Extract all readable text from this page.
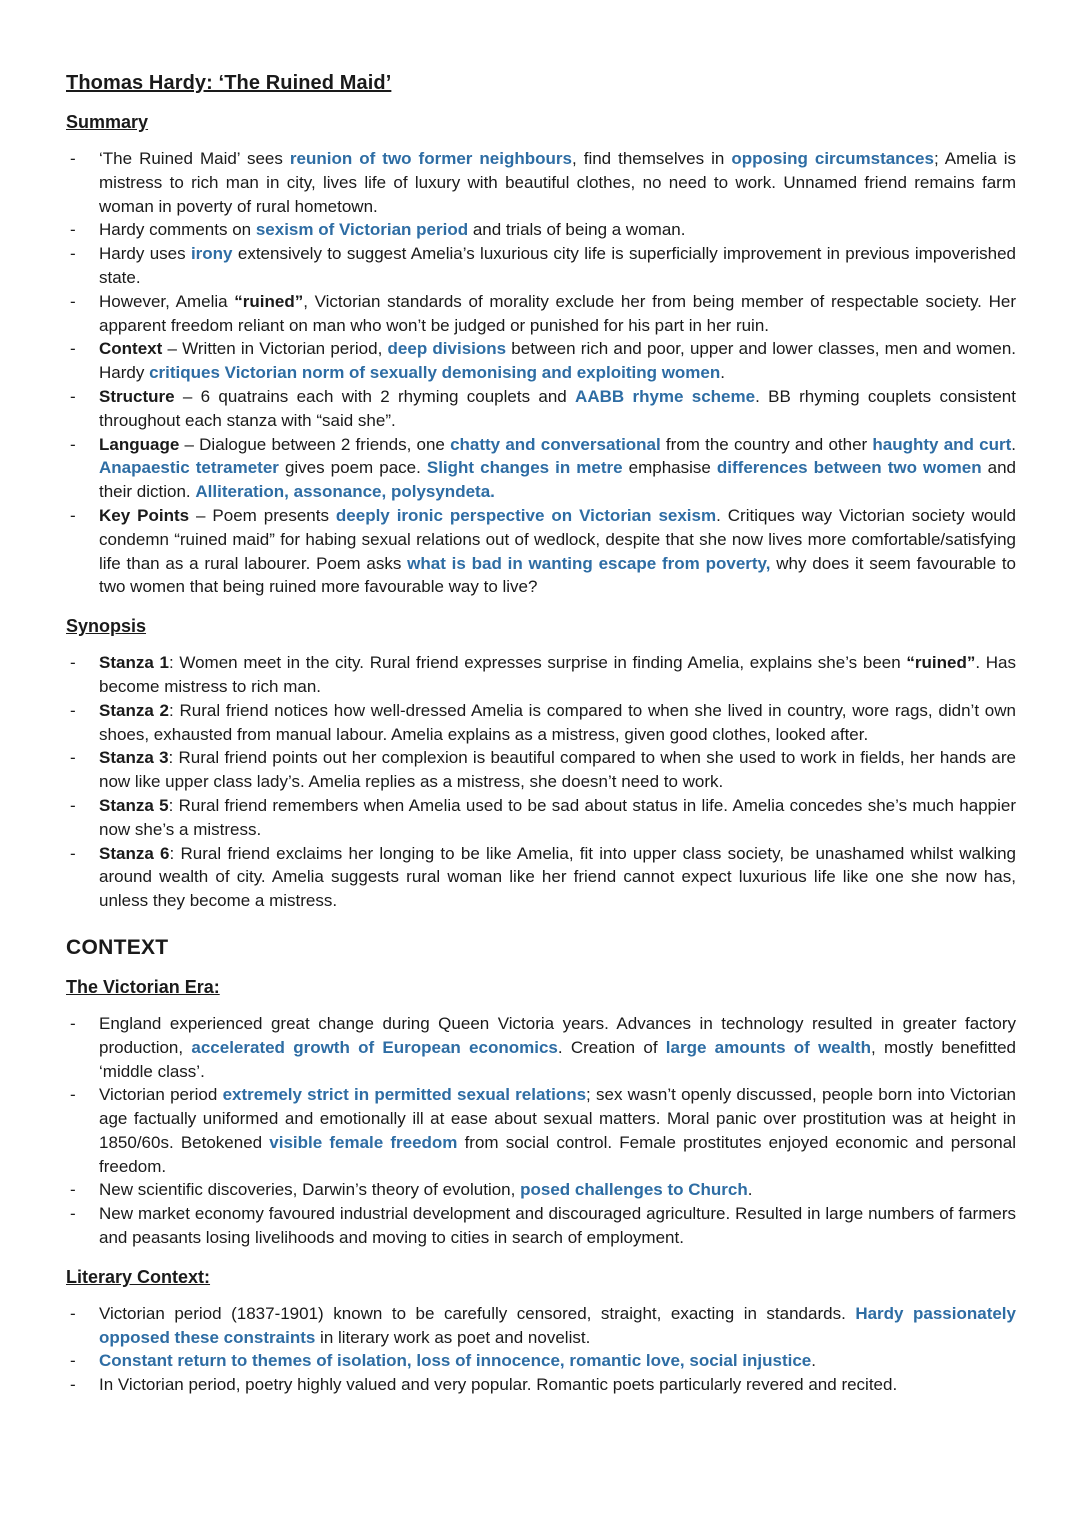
Thomas Hardy: ‘The Ruined Maid’
Summary
- ‘The Ruined Maid’ sees reunion of two former neighbours, find themselves in opposing circumstances; Amelia is mistress to rich man in city, lives life of luxury with beautiful clothes, no need to work. Unnamed friend remains farm woman in poverty of rural hometown.
- Hardy comments on sexism of Victorian period and trials of being a woman.
- Hardy uses irony extensively to suggest Amelia’s luxurious city life is superficially improvement in previous impoverished state.
- However, Amelia “ruined”, Victorian standards of morality exclude her from being member of respectable society. Her apparent freedom reliant on man who won’t be judged or punished for his part in her ruin.
- Context – Written in Victorian period, deep divisions between rich and poor, upper and lower classes, men and women. Hardy critiques Victorian norm of sexually demonising and exploiting women.
- Structure – 6 quatrains each with 2 rhyming couplets and AABB rhyme scheme. BB rhyming couplets consistent throughout each stanza with “said she”.
- Language – Dialogue between 2 friends, one chatty and conversational from the country and other haughty and curt. Anapaestic tetrameter gives poem pace. Slight changes in metre emphasise differences between two women and their diction. Alliteration, assonance, polysyndeta.
- Key Points – Poem presents deeply ironic perspective on Victorian sexism. Critiques way Victorian society would condemn “ruined maid” for habing sexual relations out of wedlock, despite that she now lives more comfortable/satisfying life than as a rural labourer. Poem asks what is bad in wanting escape from poverty, why does it seem favourable to two women that being ruined more favourable way to live?
Synopsis
- Stanza 1: Women meet in the city. Rural friend expresses surprise in finding Amelia, explains she’s been “ruined”. Has become mistress to rich man.
- Stanza 2: Rural friend notices how well-dressed Amelia is compared to when she lived in country, wore rags, didn’t own shoes, exhausted from manual labour. Amelia explains as a mistress, given good clothes, looked after.
- Stanza 3: Rural friend points out her complexion is beautiful compared to when she used to work in fields, her hands are now like upper class lady’s. Amelia replies as a mistress, she doesn’t need to work.
- Stanza 5: Rural friend remembers when Amelia used to be sad about status in life. Amelia concedes she’s much happier now she’s a mistress.
- Stanza 6: Rural friend exclaims her longing to be like Amelia, fit into upper class society, be unashamed whilst walking around wealth of city. Amelia suggests rural woman like her friend cannot expect luxurious life like one she now has, unless they become a mistress.
CONTEXT
The Victorian Era:
- England experienced great change during Queen Victoria years. Advances in technology resulted in greater factory production, accelerated growth of European economics. Creation of large amounts of wealth, mostly benefitted ‘middle class’.
- Victorian period extremely strict in permitted sexual relations; sex wasn’t openly discussed, people born into Victorian age factually uniformed and emotionally ill at ease about sexual matters. Moral panic over prostitution was at height in 1850/60s. Betokened visible female freedom from social control. Female prostitutes enjoyed economic and personal freedom.
- New scientific discoveries, Darwin’s theory of evolution, posed challenges to Church.
- New market economy favoured industrial development and discouraged agriculture. Resulted in large numbers of farmers and peasants losing livelihoods and moving to cities in search of employment.
Literary Context:
- Victorian period (1837-1901) known to be carefully censored, straight, exacting in standards. Hardy passionately opposed these constraints in literary work as poet and novelist.
- Constant return to themes of isolation, loss of innocence, romantic love, social injustice.
- In Victorian period, poetry highly valued and very popular. Romantic poets particularly revered and recited.
